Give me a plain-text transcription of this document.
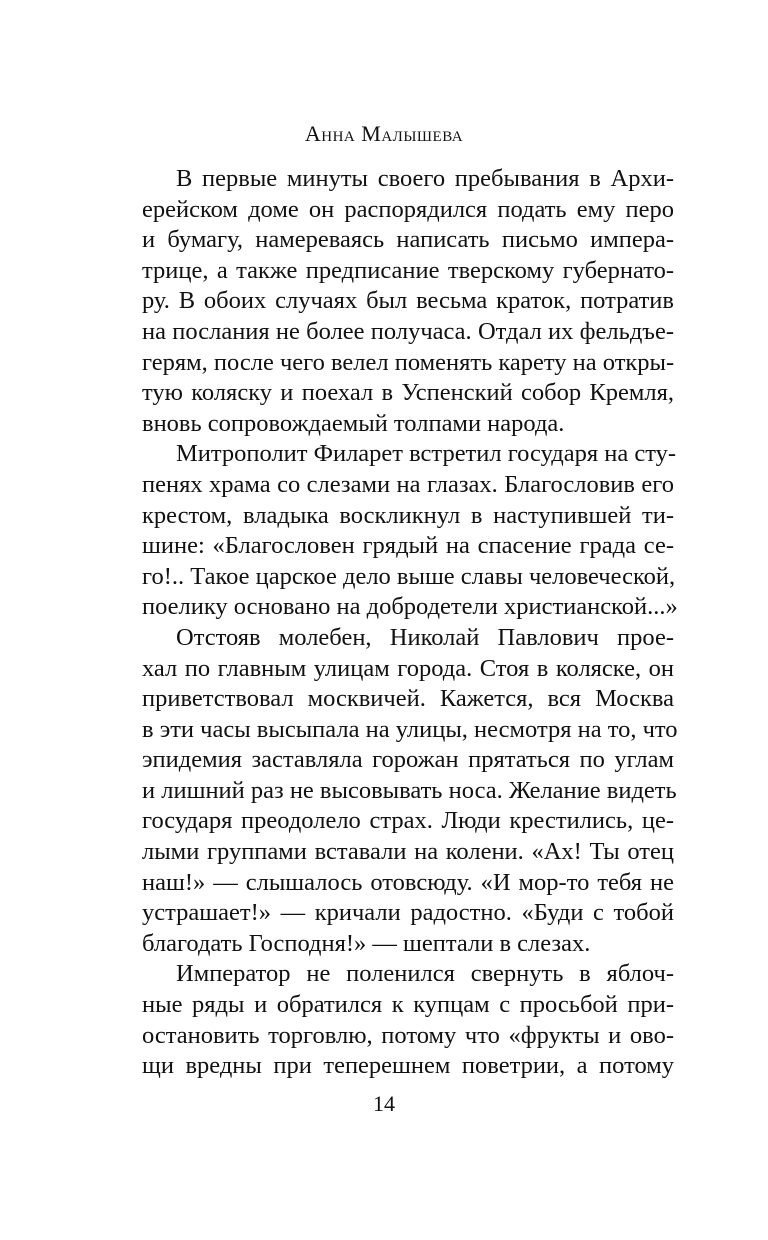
Анна Малышева
В первые минуты своего пребывания в Архи-
ерейском доме он распорядился подать ему перо
и бумагу, намереваясь написать письмо импера-
трице, а также предписание тверскому губернато-
ру. В обоих случаях был весьма краток, потратив
на послания не более получаса. Отдал их фельдъе-
герям, после чего велел поменять карету на откры-
тую коляску и поехал в Успенский собор Кремля,
вновь сопровождаемый толпами народа.
Митрополит Филарет встретил государя на сту-
пенях храма со слезами на глазах. Благословив его
крестом, владыка воскликнул в наступившей ти-
шине: «Благословен грядый на спасение града се-
го!.. Такое царское дело выше славы человеческой,
поелику основано на добродетели христианской...»
Отстояв молебен, Николай Павлович прое-
хал по главным улицам города. Стоя в коляске, он
приветствовал москвичей. Кажется, вся Москва
в эти часы высыпала на улицы, несмотря на то, что
эпидемия заставляла горожан прятаться по углам
и лишний раз не высовывать носа. Желание видеть
государя преодолело страх. Люди крестились, це-
лыми группами вставали на колени. «Ах! Ты отец
наш!» — слышалось отовсюду. «И мор-то тебя не
устрашает!» — кричали радостно. «Буди с тобой
благодать Господня!» — шептали в слезах.
Император не поленился свернуть в яблоч-
ные ряды и обратился к купцам с просьбой при-
остановить торговлю, потому что «фрукты и ово-
щи вредны при теперешнем поветрии, а потому
14
